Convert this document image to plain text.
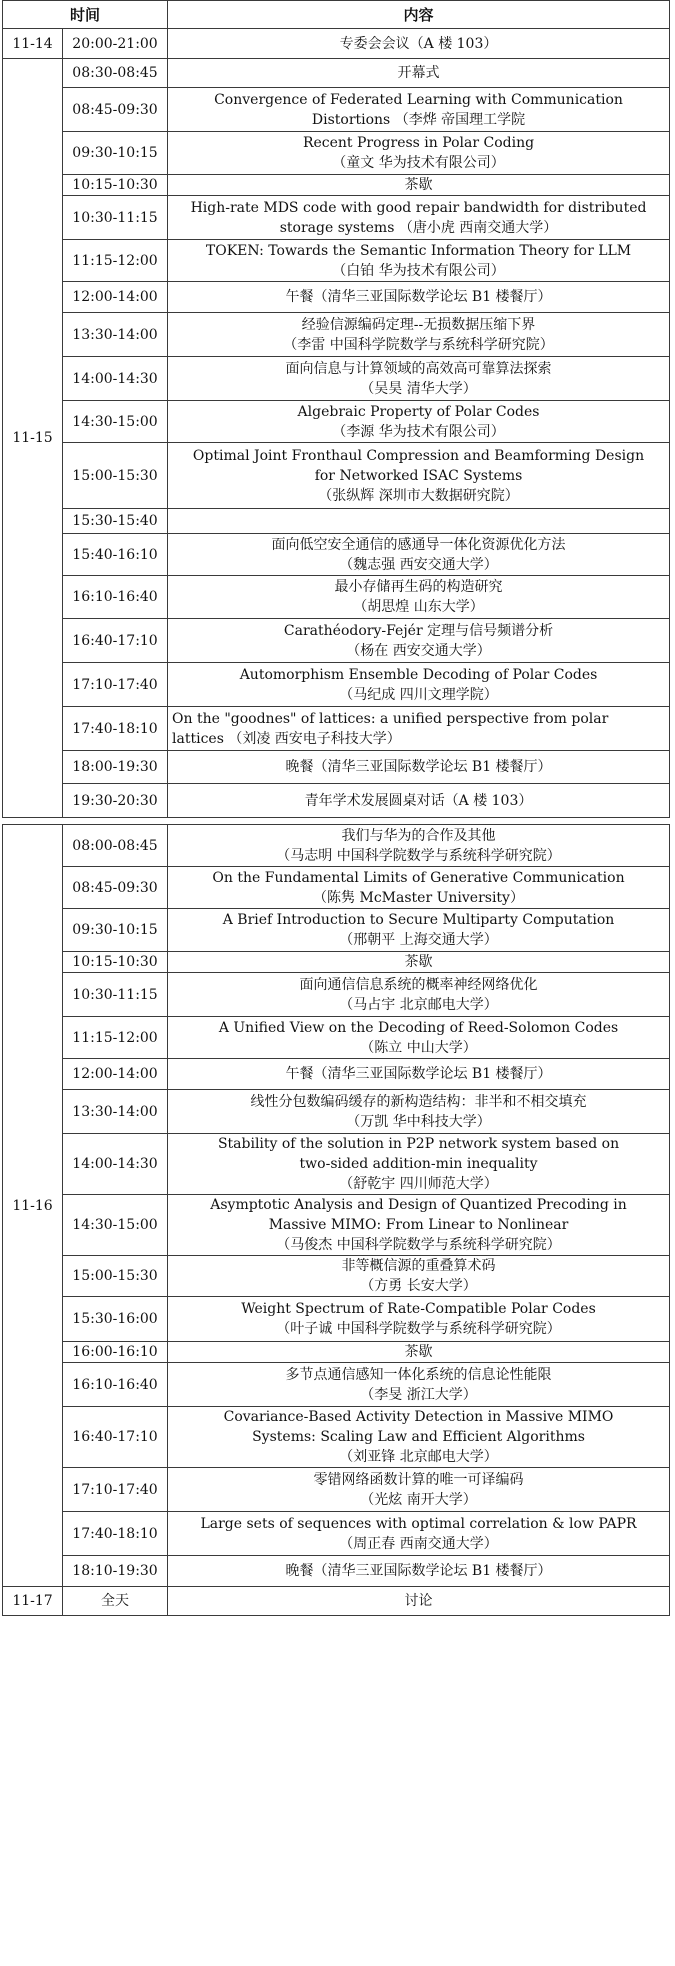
时间		内容
11-14	20:00-21:00	专委会会议（A 楼 103）

11-15	08:30-08:45	开幕式

	08:45-09:30	Convergence of Federated Learning with Communication
Distortions （李烨 帝国理工学院

	09:30-10:15	Recent Progress in Polar Coding
（童文 华为技术有限公司）

	10:15-10:30	茶歇

	10:30-11:15	High-rate MDS code with good repair bandwidth for distributed
storage systems （唐小虎 西南交通大学）

	11:15-12:00	TOKEN: Towards the Semantic Information Theory for LLM
（白铂 华为技术有限公司）

	12:00-14:00	午餐（清华三亚国际数学论坛 B1 楼餐厅）

	13:30-14:00	经验信源编码定理--无损数据压缩下界
（李雷 中国科学院数学与系统科学研究院）

	14:00-14:30	面向信息与计算领域的高效高可靠算法探索
（吴昊 清华大学）

	14:30-15:00	Algebraic Property of Polar Codes
（李源 华为技术有限公司）

	15:00-15:30	Optimal Joint Fronthaul Compression and Beamforming Design
for Networked ISAC Systems
（张纵辉 深圳市大数据研究院）

	15:30-15:40	

	15:40-16:10	面向低空安全通信的感通导一体化资源优化方法
（魏志强 西安交通大学）

	16:10-16:40	最小存储再生码的构造研究
（胡思煌 山东大学）

	16:40-17:10	Carathéodory-Fejér 定理与信号频谱分析
（杨在 西安交通大学）

	17:10-17:40	Automorphism Ensemble Decoding of Polar Codes
（马纪成 四川文理学院）

	17:40-18:10	On the "goodnes" of lattices: a unified perspective from polar
lattices （刘凌 西安电子科技大学）

	18:00-19:30	晚餐（清华三亚国际数学论坛 B1 楼餐厅）

	19:30-20:30	青年学术发展圆桌对话（A 楼 103）

11-16	08:00-08:45	我们与华为的合作及其他
（马志明 中国科学院数学与系统科学研究院）

	08:45-09:30	On the Fundamental Limits of Generative Communication
（陈隽 McMaster University）

	09:30-10:15	A Brief Introduction to Secure Multiparty Computation
（邢朝平 上海交通大学）

	10:15-10:30	茶歇

	10:30-11:15	面向通信信息系统的概率神经网络优化
（马占宇 北京邮电大学）

	11:15-12:00	A Unified View on the Decoding of Reed-Solomon Codes
（陈立 中山大学）

	12:00-14:00	午餐（清华三亚国际数学论坛 B1 楼餐厅）

	13:30-14:00	线性分包数编码缓存的新构造结构：非半和不相交填充
（万凯 华中科技大学）

	14:00-14:30	Stability of the solution in P2P network system based on
two-sided addition-min inequality
（舒乾宇 四川师范大学）

	14:30-15:00	Asymptotic Analysis and Design of Quantized Precoding in
Massive MIMO: From Linear to Nonlinear
（马俊杰 中国科学院数学与系统科学研究院）

	15:00-15:30	非等概信源的重叠算术码
（方勇 长安大学）

	15:30-16:00	Weight Spectrum of Rate-Compatible Polar Codes
（叶子诚 中国科学院数学与系统科学研究院）

	16:00-16:10	茶歇

	16:10-16:40	多节点通信感知一体化系统的信息论性能限
（李旻 浙江大学）

	16:40-17:10	Covariance-Based Activity Detection in Massive MIMO
Systems: Scaling Law and Efficient Algorithms
（刘亚锋 北京邮电大学）

	17:10-17:40	零错网络函数计算的唯一可译编码
（光炫 南开大学）

	17:40-18:10	Large sets of sequences with optimal correlation & low PAPR
（周正春 西南交通大学）

	18:10-19:30	晚餐（清华三亚国际数学论坛 B1 楼餐厅）

11-17	全天	讨论
